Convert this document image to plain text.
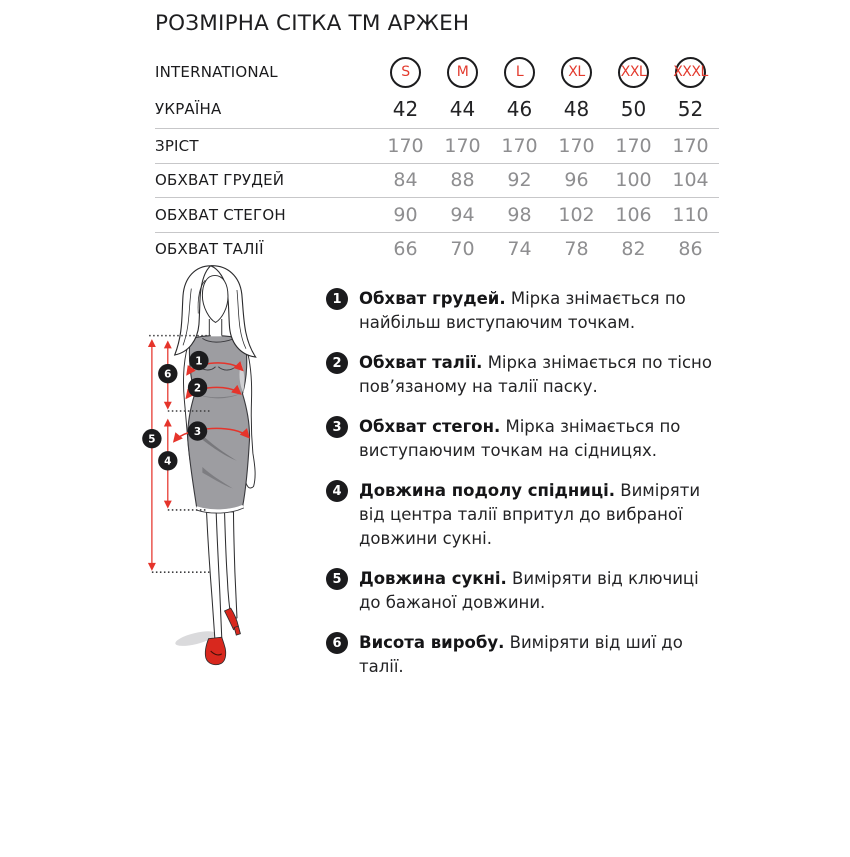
РОЗМІРНА СІТКА ТМ АРЖЕН
INTERNATIONAL	S	M	L	XL	XXL XXXL
УКРАЇНА	42 44 46 48 50 52
ЗРІСТ	170 170 170 170 170 170
ОБХВАТ ГРУДЕЙ	84 88 92 96 100 104
ОБХВАТ СТЕГОН	90 94 98 102 106 110
ОБХВАТ ТАЛІЇ	66 70 74 78 82 86
1	Обхват грудей. Мірка знімається по найбільш виступаючим точкам.

2	Обхват талії. Мірка знімається по тісно пов’язаному на талії паску.

3	Обхват стегон. Мірка знімається по виступаючим точкам на сідницях.

4	Довжина подолу спідниці. Виміряти від центра талії впритул до вибраної довжини сукні.

5	Довжина сукні. Виміряти від ключиці до бажаної довжини.

6	Висота виробу. Виміряти від шиї до талії.

1
2
3
4
5
6
